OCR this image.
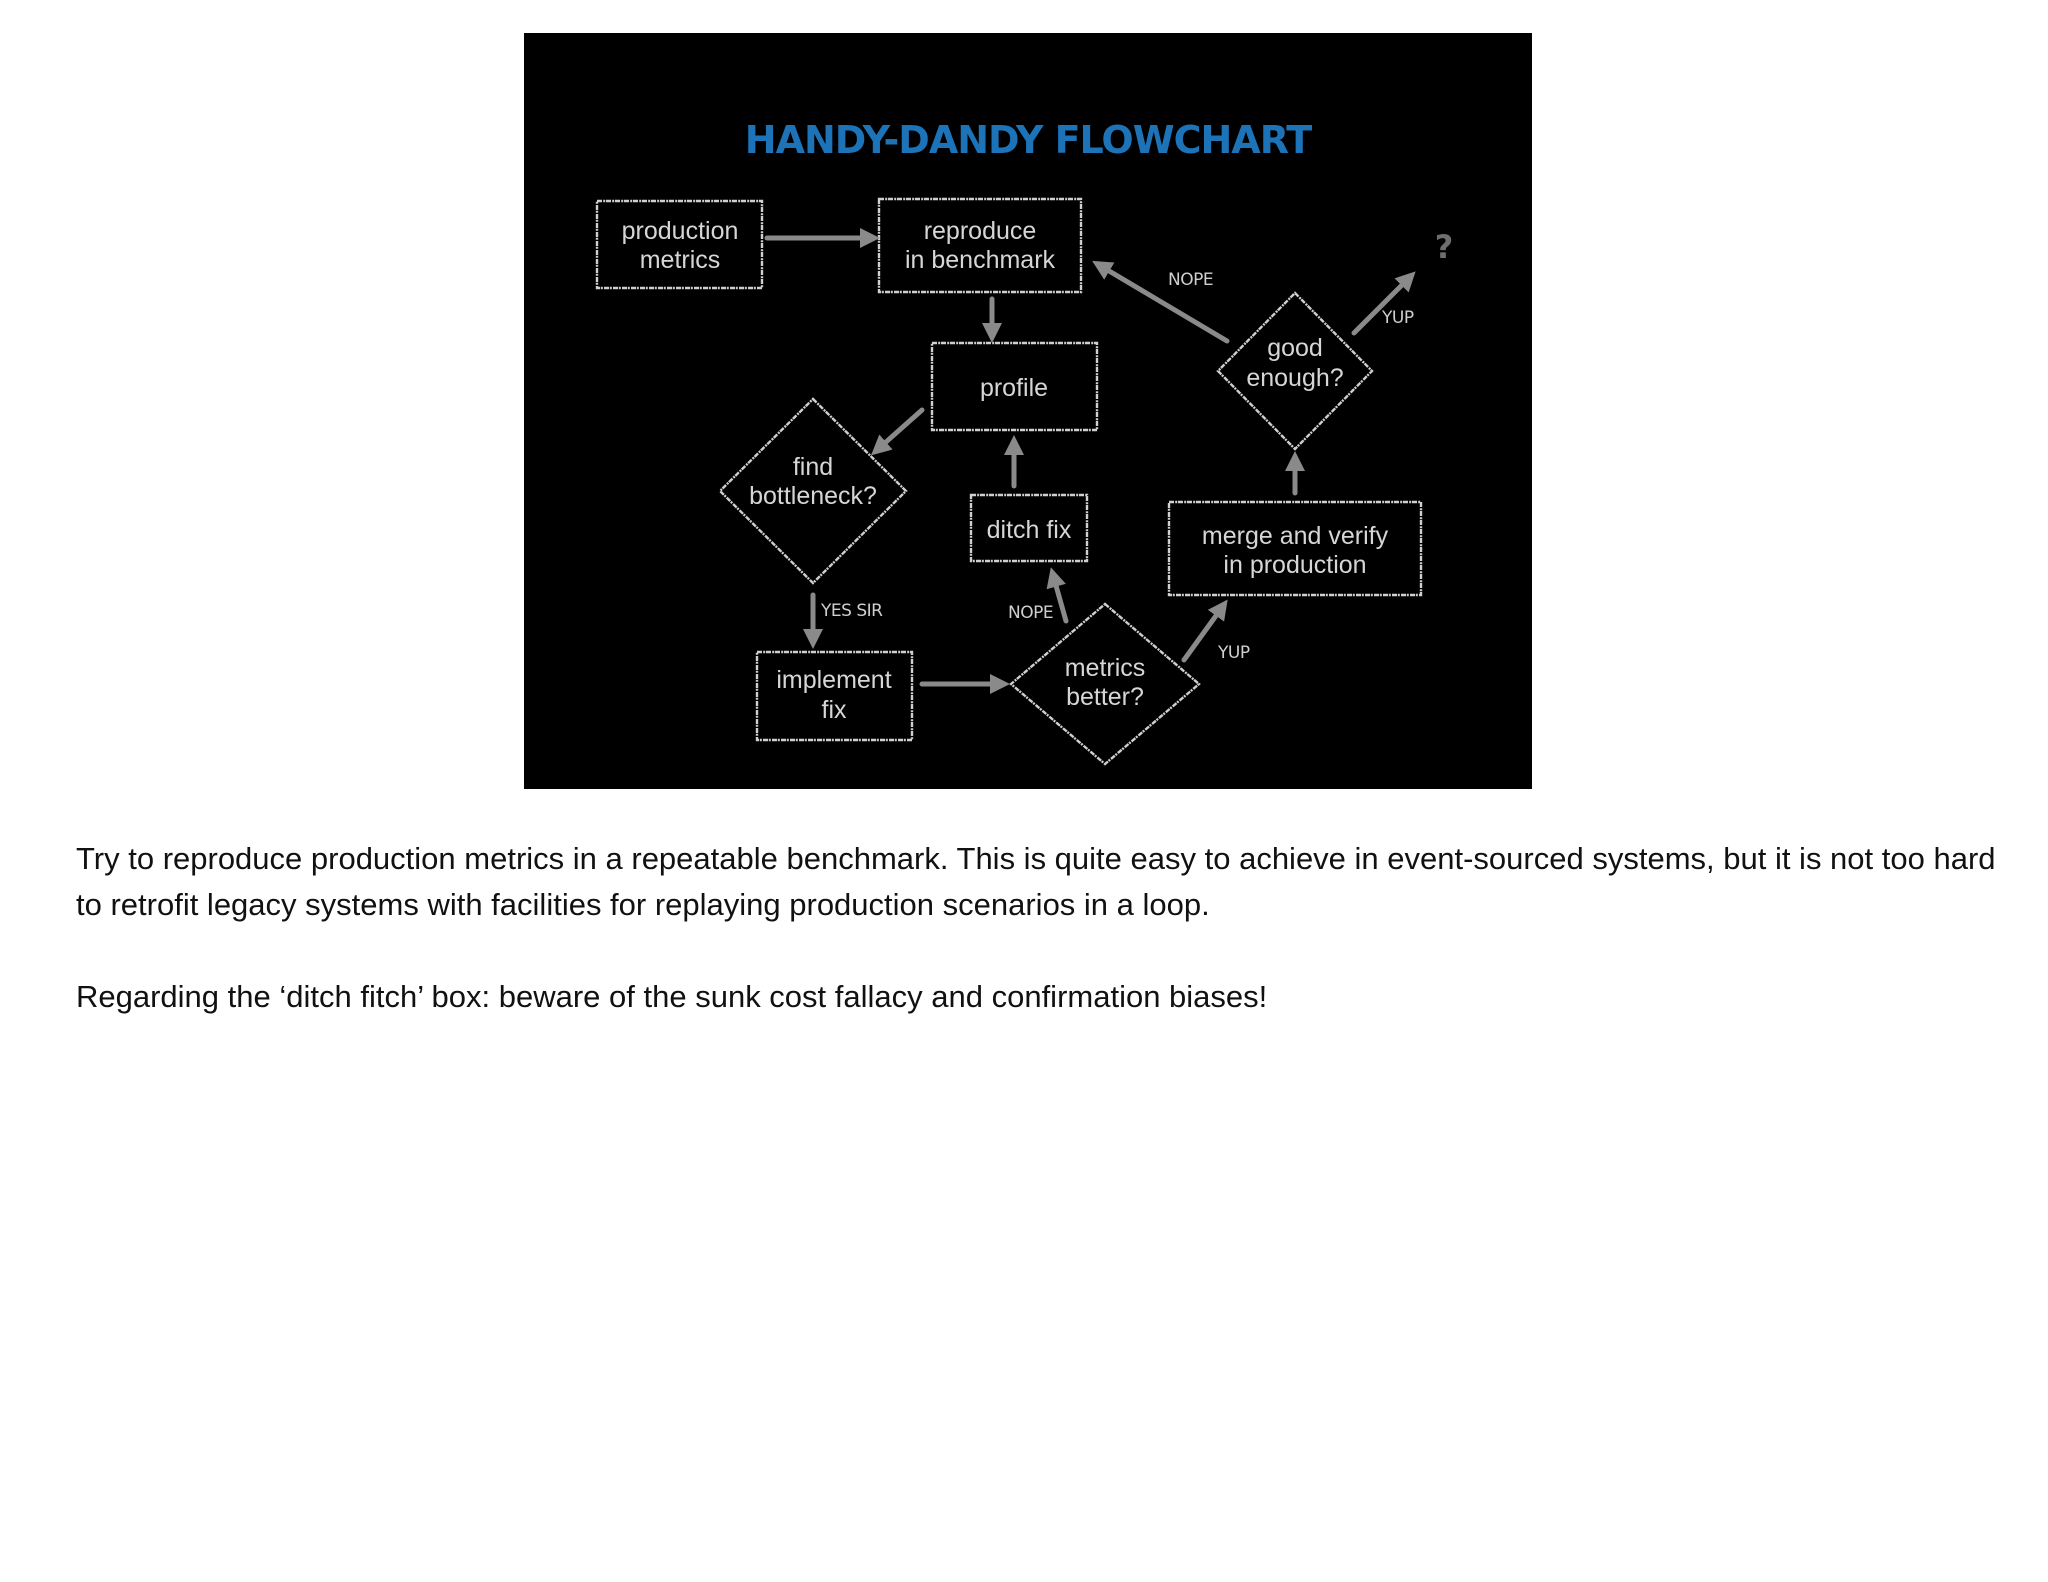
HANDY-DANDY FLOWCHART
production
metrics
reproduce
in benchmark
profile
find
bottleneck?
ditch fix
implement
fix
metrics
better?
merge and verify
in production
good
enough?
?
NOPE
YUP
YES SIR	NOPE
YUP

Try to reproduce production metrics in a repeatable benchmark. This is quite easy to achieve in event-sourced systems, but it is not too hard to retrofit legacy systems with facilities for replaying production scenarios in a loop.

Regarding the ‘ditch fitch’ box: beware of the sunk cost fallacy and confirmation biases!
